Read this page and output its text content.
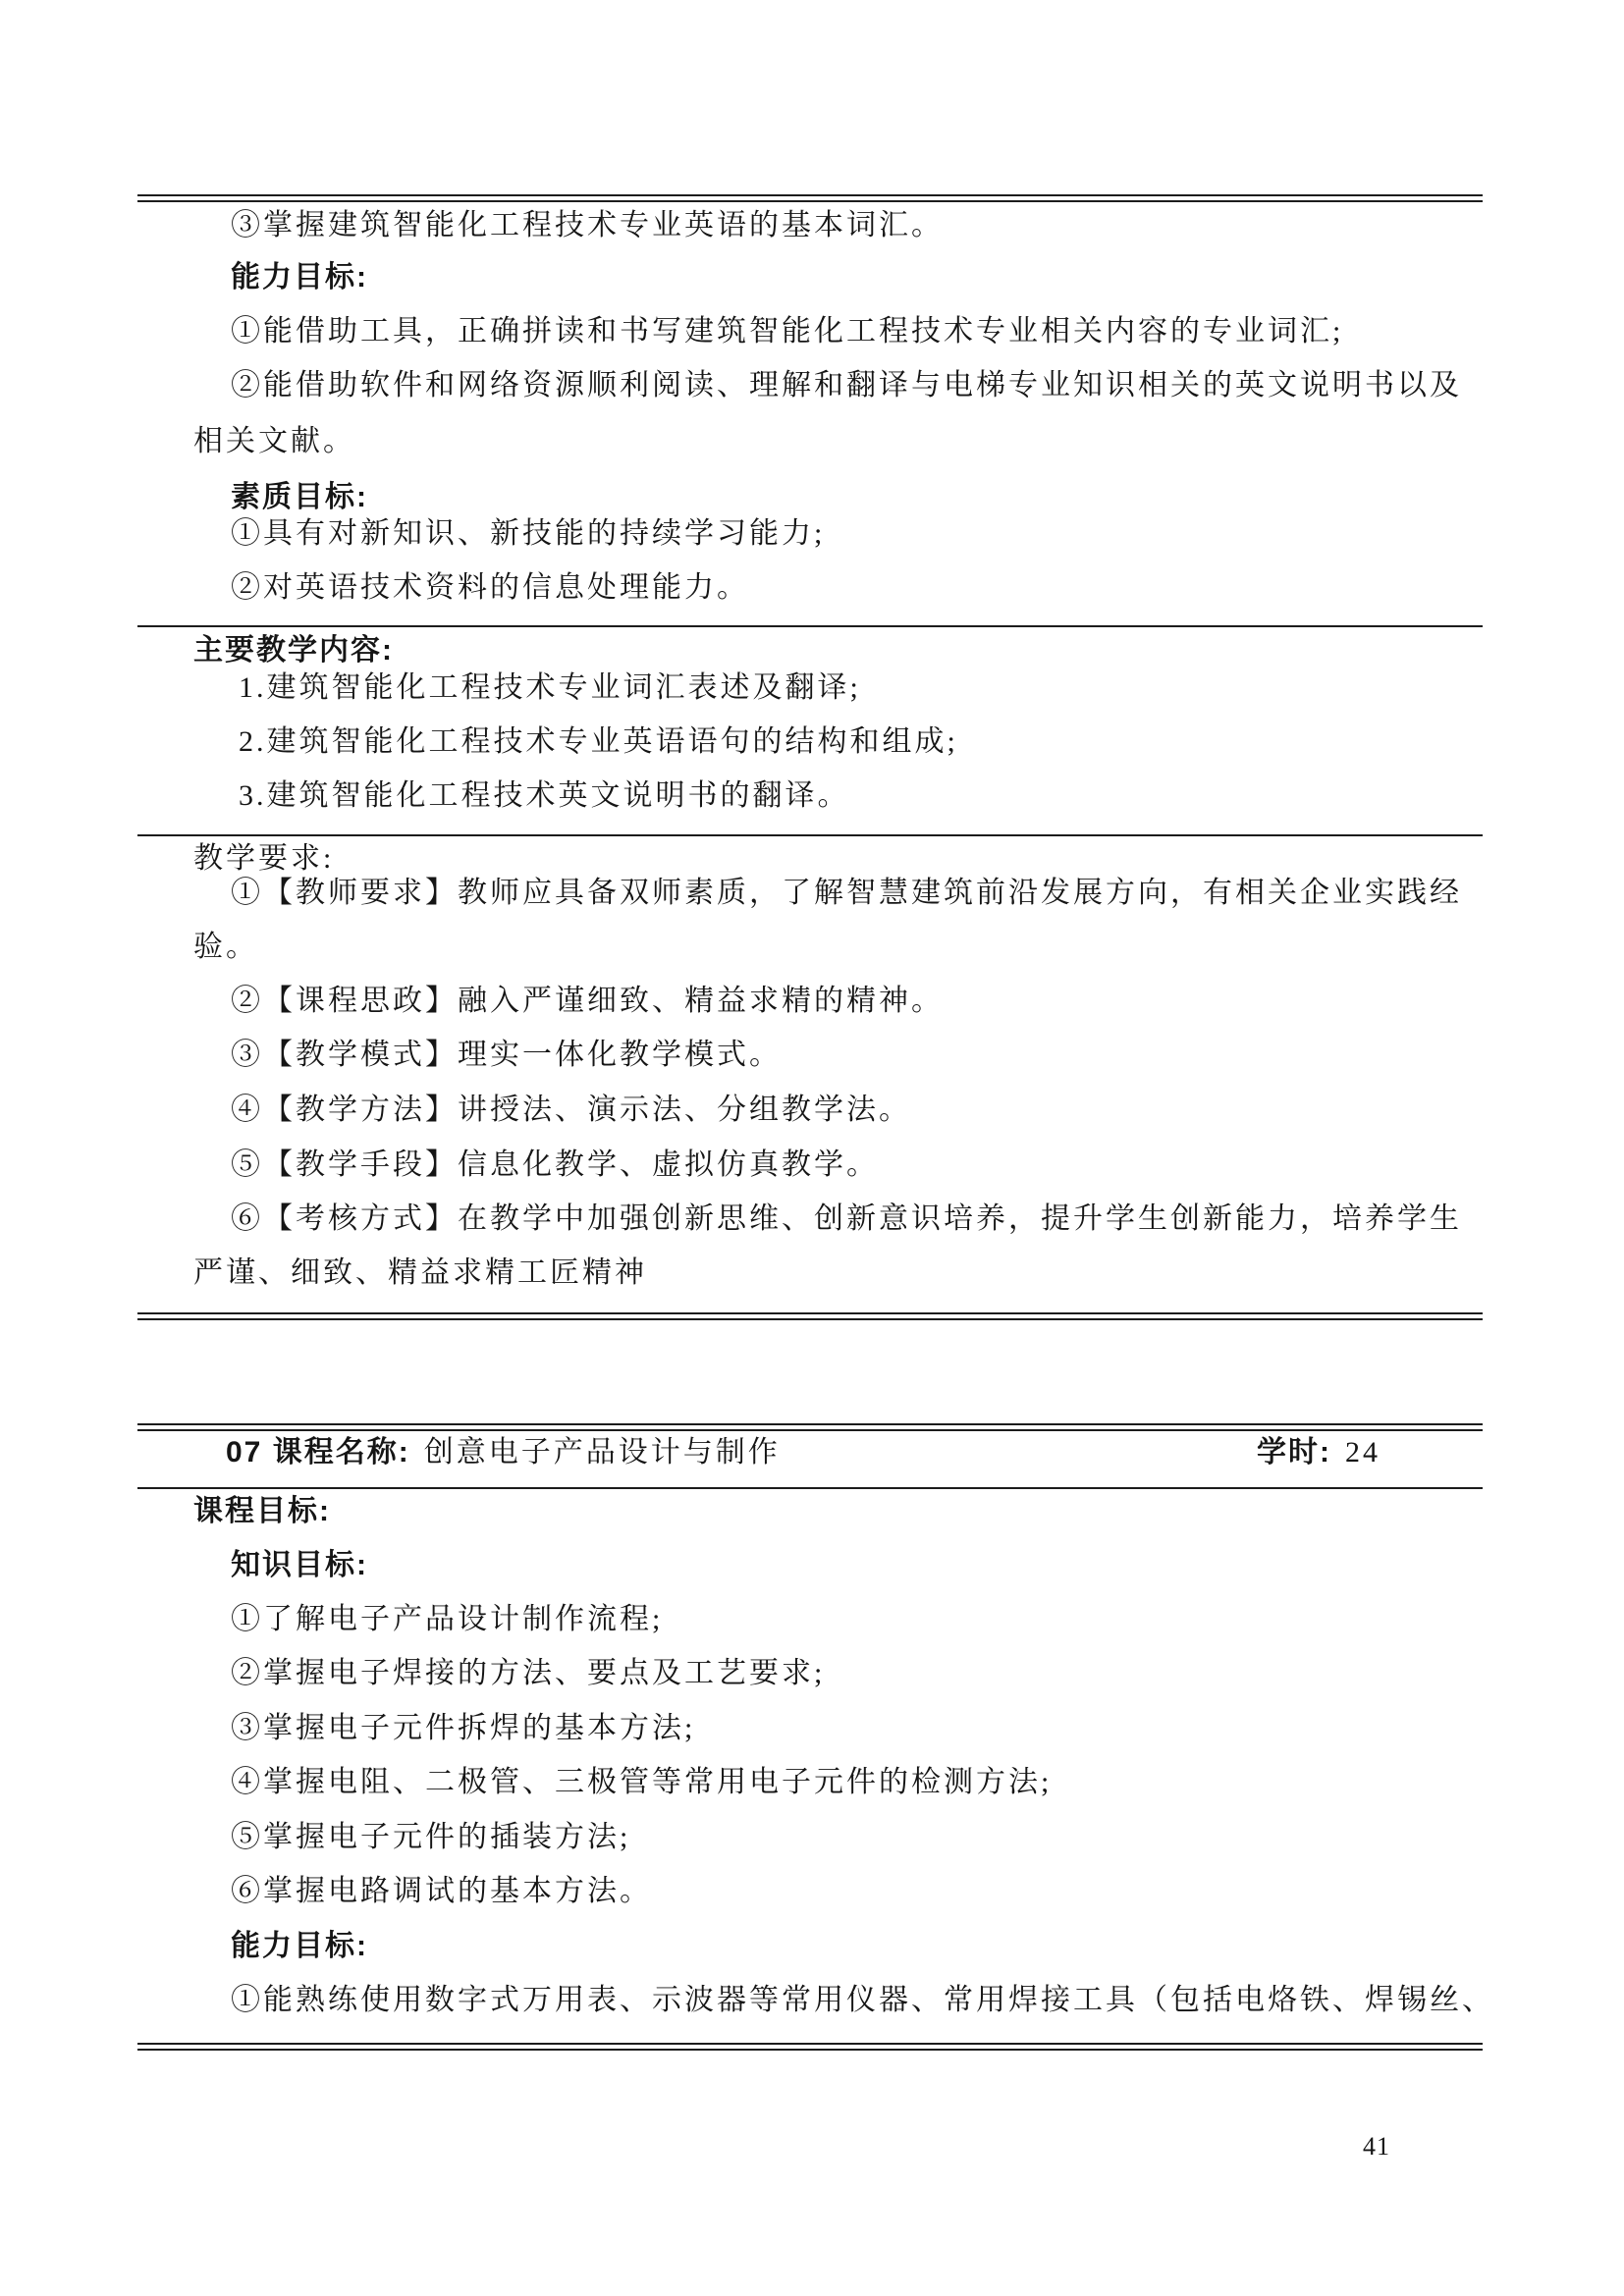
③掌握建筑智能化工程技术专业英语的基本词汇。
能力目标:
①能借助工具，正确拼读和书写建筑智能化工程技术专业相关内容的专业词汇;
②能借助软件和网络资源顺利阅读、理解和翻译与电梯专业知识相关的英文说明书以及
相关文献。
素质目标:
①具有对新知识、新技能的持续学习能力;
②对英语技术资料的信息处理能力。
主要教学内容:
1.建筑智能化工程技术专业词汇表述及翻译;
2.建筑智能化工程技术专业英语语句的结构和组成;
3.建筑智能化工程技术英文说明书的翻译。
教学要求:
①【教师要求】教师应具备双师素质，了解智慧建筑前沿发展方向，有相关企业实践经
验。
②【课程思政】融入严谨细致、精益求精的精神。
③【教学模式】理实一体化教学模式。
④【教学方法】讲授法、演示法、分组教学法。
⑤【教学手段】信息化教学、虚拟仿真教学。
⑥【考核方式】在教学中加强创新思维、创新意识培养，提升学生创新能力，培养学生
严谨、细致、精益求精工匠精神
07 课程名称: 创意电子产品设计与制作	学时: 24
课程目标:
知识目标:
①了解电子产品设计制作流程;
②掌握电子焊接的方法、要点及工艺要求;
③掌握电子元件拆焊的基本方法;
④掌握电阻、二极管、三极管等常用电子元件的检测方法;
⑤掌握电子元件的插装方法;
⑥掌握电路调试的基本方法。
能力目标:
①能熟练使用数字式万用表、示波器等常用仪器、常用焊接工具（包括电烙铁、焊锡丝、
41
